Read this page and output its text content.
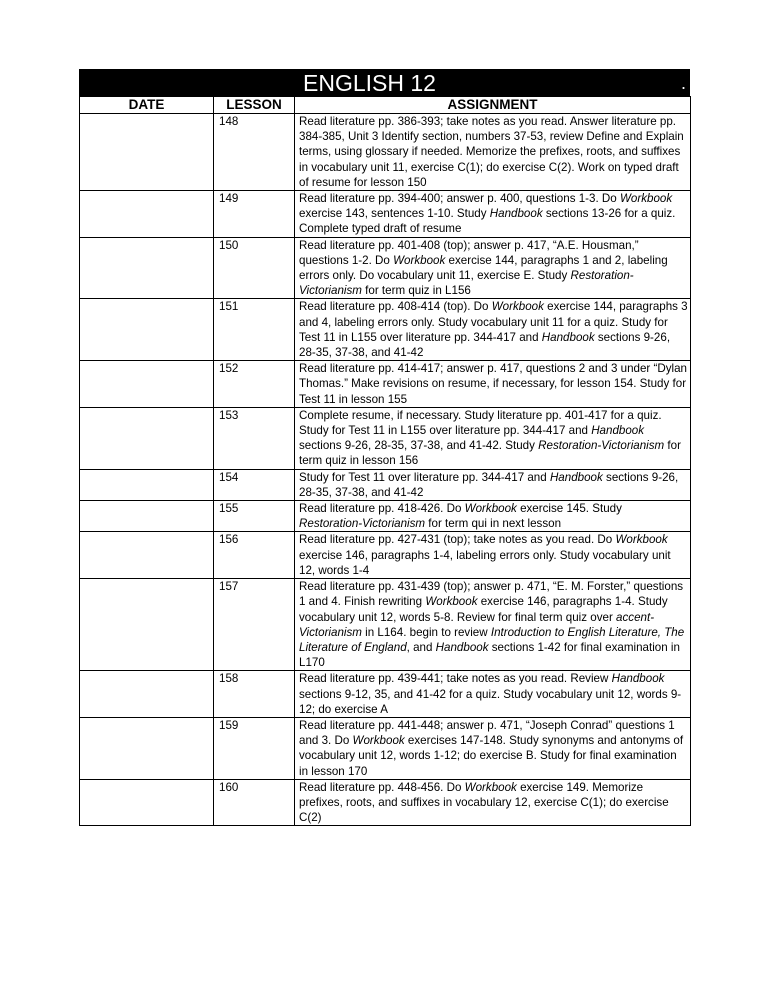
ENGLISH 12	.
DATE	LESSON	ASSIGNMENT
	148	Read literature pp. 386-393; take notes as you read. Answer literature pp. 384-385, Unit 3 Identify section, numbers 37-53, review Define and Explain terms, using glossary if needed. Memorize the prefixes, roots, and suffixes in vocabulary unit 11, exercise C(1); do exercise C(2). Work on typed draft of resume for lesson 150
	149	Read literature pp. 394-400; answer p. 400, questions 1-3. Do Workbook exercise 143, sentences 1-10. Study Handbook sections 13-26 for a quiz. Complete typed draft of resume
	150	Read literature pp. 401-408 (top); answer p. 417, “A.E. Housman,” questions 1-2. Do Workbook exercise 144, paragraphs 1 and 2, labeling errors only. Do vocabulary unit 11, exercise E. Study Restoration-Victorianism for term quiz in L156
	151	Read literature pp. 408-414 (top). Do Workbook exercise 144, paragraphs 3 and 4, labeling errors only. Study vocabulary unit 11 for a quiz. Study for Test 11 in L155 over literature pp. 344-417 and Handbook sections 9-26, 28-35, 37-38, and 41-42
	152	Read literature pp. 414-417; answer p. 417, questions 2 and 3 under “Dylan Thomas.” Make revisions on resume, if necessary, for lesson 154. Study for Test 11 in lesson 155
	153	Complete resume, if necessary. Study literature pp. 401-417 for a quiz. Study for Test 11 in L155 over literature pp. 344-417 and Handbook sections 9-26, 28-35, 37-38, and 41-42. Study Restoration-Victorianism for term quiz in lesson 156
	154	Study for Test 11 over literature pp. 344-417 and Handbook sections 9-26, 28-35, 37-38, and 41-42
	155	Read literature pp. 418-426. Do Workbook exercise 145. Study Restoration-Victorianism for term qui in next lesson
	156	Read literature pp. 427-431 (top); take notes as you read. Do Workbook exercise 146, paragraphs 1-4, labeling errors only. Study vocabulary unit 12, words 1-4
	157	Read literature pp. 431-439 (top); answer p. 471, “E. M. Forster,” questions 1 and 4. Finish rewriting Workbook exercise 146, paragraphs 1-4. Study vocabulary unit 12, words 5-8. Review for final term quiz over accent-Victorianism in L164. begin to review Introduction to English Literature, The Literature of England, and Handbook sections 1-42 for final examination in L170
	158	Read literature pp. 439-441; take notes as you read. Review Handbook sections 9-12, 35, and 41-42 for a quiz. Study vocabulary unit 12, words 9-12; do exercise A
	159	Read literature pp. 441-448; answer p. 471, “Joseph Conrad” questions 1 and 3. Do Workbook exercises 147-148. Study synonyms and antonyms of vocabulary unit 12, words 1-12; do exercise B. Study for final examination in lesson 170
	160	Read literature pp. 448-456. Do Workbook exercise 149. Memorize prefixes, roots, and suffixes in vocabulary 12, exercise C(1); do exercise C(2)
